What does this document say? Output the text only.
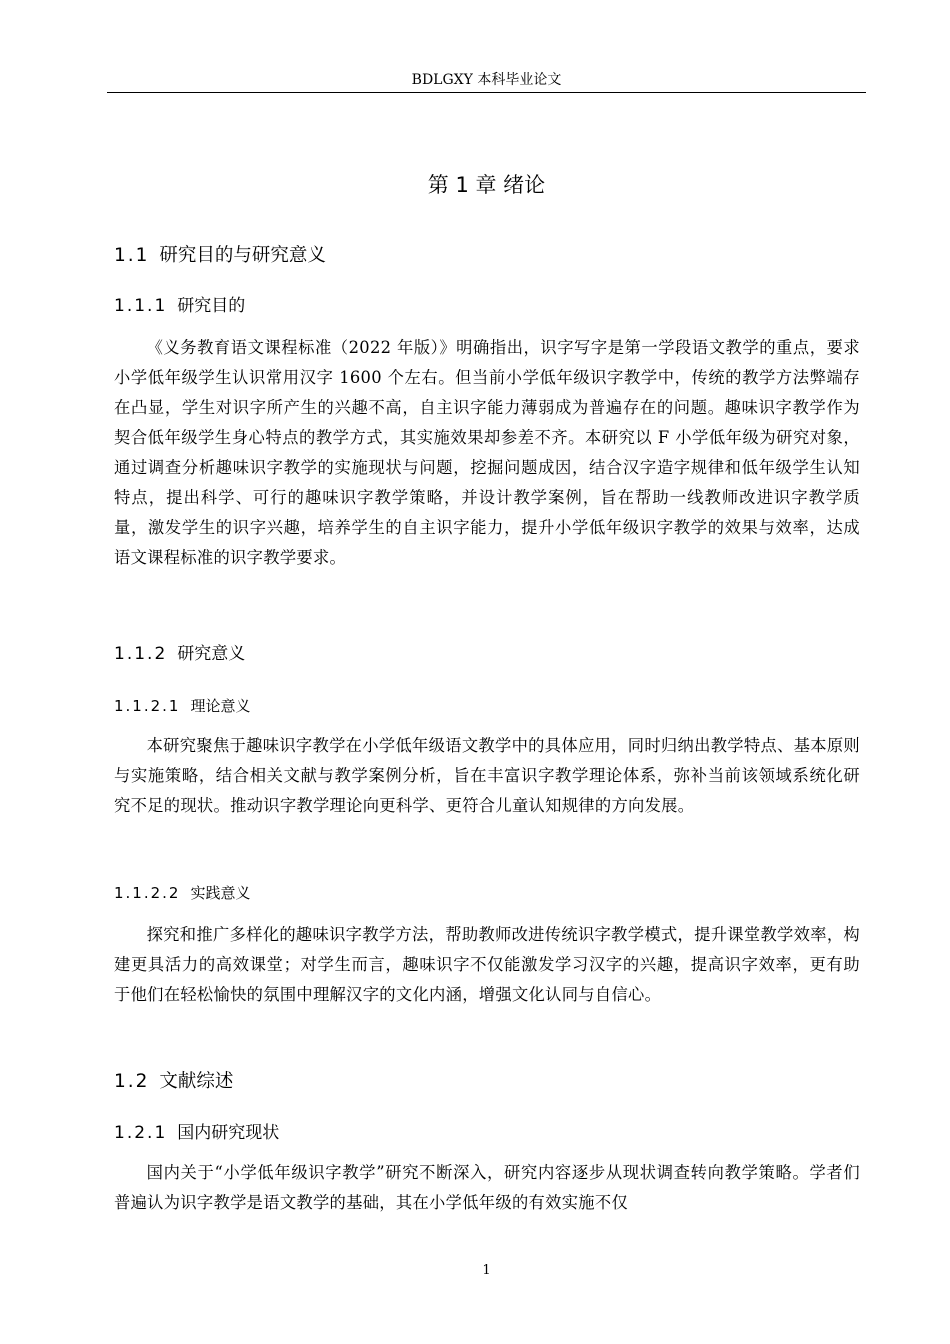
BDLGXY 本科毕业论文
第 1 章 绪论
1.1 研究目的与研究意义
1.1.1 研究目的

《义务教育语文课程标准（2022 年版）》明确指出，识字写字是第一学段语文教学的重点，要求小学低年级学生认识常用汉字 1600 个左右。但当前小学低年级识字教学中，传统的教学方法弊端存在凸显，学生对识字所产生的兴趣不高，自主识字能力薄弱成为普遍存在的问题。趣味识字教学作为契合低年级学生身心特点的教学方式，其实施效果却参差不齐。本研究以 F 小学低年级为研究对象，通过调查分析趣味识字教学的实施现状与问题，挖掘问题成因，结合汉字造字规律和低年级学生认知特点，提出科学、可行的趣味识字教学策略，并设计教学案例，旨在帮助一线教师改进识字教学质量，激发学生的识字兴趣，培养学生的自主识字能力，提升小学低年级识字教学的效果与效率，达成语文课程标准的识字教学要求。

1.1.2 研究意义
1.1.2.1 理论意义

本研究聚焦于趣味识字教学在小学低年级语文教学中的具体应用，同时归纳出教学特点、基本原则与实施策略，结合相关文献与教学案例分析，旨在丰富识字教学理论体系，弥补当前该领域系统化研究不足的现状。推动识字教学理论向更科学、更符合儿童认知规律的方向发展。

1.1.2.2 实践意义

探究和推广多样化的趣味识字教学方法，帮助教师改进传统识字教学模式，提升课堂教学效率，构建更具活力的高效课堂；对学生而言，趣味识字不仅能激发学习汉字的兴趣，提高识字效率，更有助于他们在轻松愉快的氛围中理解汉字的文化内涵，增强文化认同与自信心。

1.2 文献综述
1.2.1 国内研究现状

国内关于“小学低年级识字教学”研究不断深入，研究内容逐步从现状调查转向教学策略。学者们普遍认为识字教学是语文教学的基础，其在小学低年级的有效实施不仅

1
